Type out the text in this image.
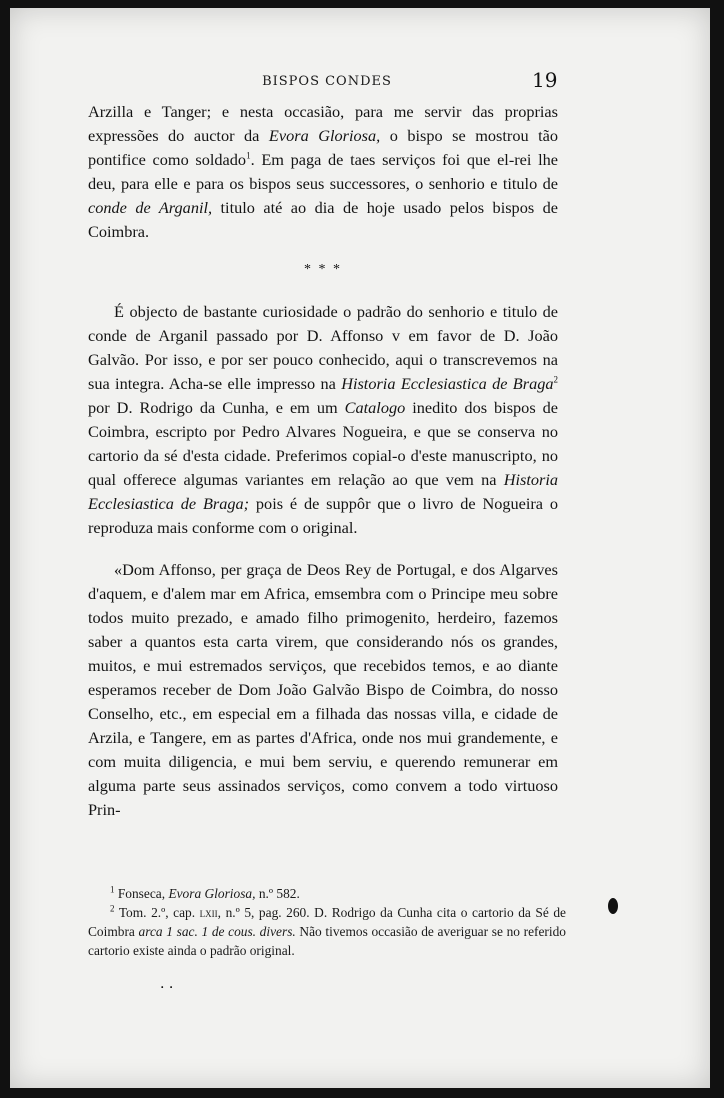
BISPOS CONDES	19

Arzilla e Tanger; e nesta occasião, para me servir das proprias expressões do auctor da Evora Gloriosa, o bispo se mostrou tão pontifice como soldado$^1$. Em paga de taes serviços foi que el-rei lhe deu, para elle e para os bispos seus successores, o senhorio e titulo de conde de Arganil, titulo até ao dia de hoje usado pelos bispos de Coimbra.

* * *

É objecto de bastante curiosidade o padrão do senhorio e titulo de conde de Arganil passado por D. Affonso v em favor de D. João Galvão. Por isso, e por ser pouco conhecido, aqui o transcrevemos na sua integra. Acha-se elle impresso na Historia Ecclesiastica de Braga$^2$ por D. Rodrigo da Cunha, e em um Catalogo inedito dos bispos de Coimbra, escripto por Pedro Alvares Nogueira, e que se conserva no cartorio da sé d'esta cidade. Preferimos copial-o d'este manuscripto, no qual offerece algumas variantes em relação ao que vem na Historia Ecclesiastica de Braga; pois é de suppôr que o livro de Nogueira o reproduza mais conforme com o original.

«Dom Affonso, per graça de Deos Rey de Portugal, e dos Algarves d'aquem, e d'alem mar em Africa, emsembra com o Principe meu sobre todos muito prezado, e amado filho primogenito, herdeiro, fazemos saber a quantos esta carta virem, que considerando nós os grandes, muitos, e mui estremados serviços, que recebidos temos, e ao diante esperamos receber de Dom João Galvão Bispo de Coimbra, do nosso Conselho, etc., em especial em a filhada das nossas villa, e cidade de Arzila, e Tangere, em as partes d'Africa, onde nos mui grandemente, e com muita diligencia, e mui bem serviu, e querendo remunerar em alguma parte seus assinados serviços, como convem a todo virtuoso Prin-

$^1$ Fonseca, Evora Gloriosa, n.º 582.

$^2$ Tom. 2.º, cap. lxii, n.º 5, pag. 260. D. Rodrigo da Cunha cita o cartorio da Sé de Coimbra arca 1 sac. 1 de cous. divers. Não tivemos occasião de averiguar se no referido cartorio existe ainda o padrão original.

. .
